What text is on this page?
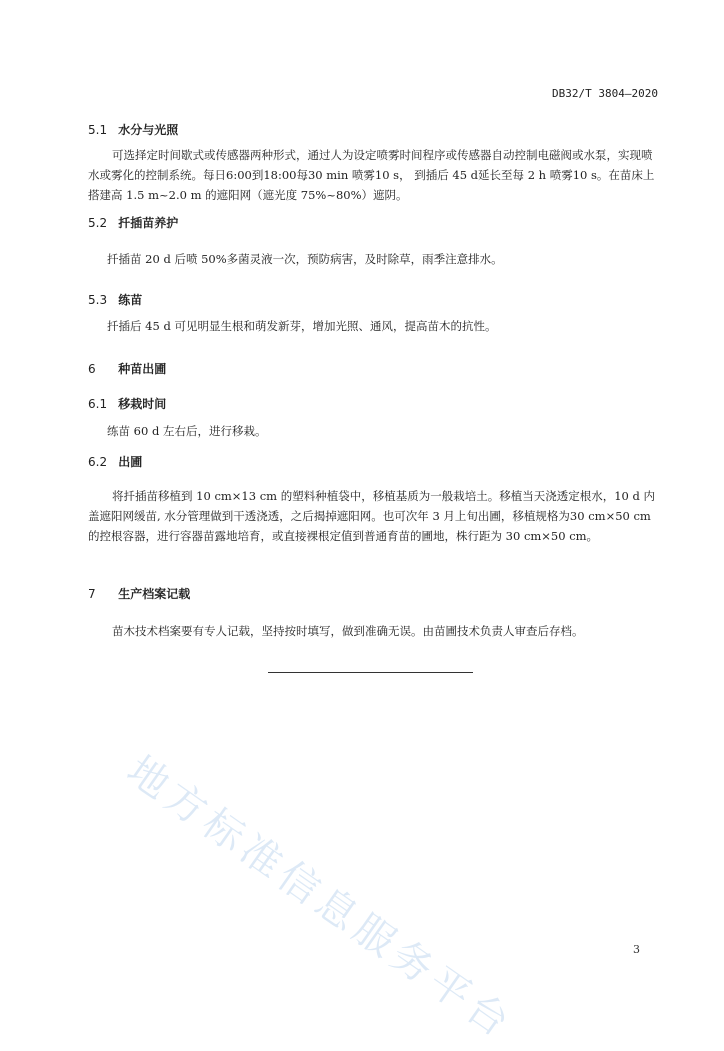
DB32/T 3804—2020
5.1 水分与光照
可选择定时间歇式或传感器两种形式，通过人为设定喷雾时间程序或传感器自动控制电磁阀或水泵，实现喷水或雾化的控制系统。每日6:00到18:00每30 min 喷雾10 s， 到插后 45 d延长至每 2 h 喷雾10 s。在苗床上搭建高 1.5 m~2.0 m 的遮阳网（遮光度 75%~80%）遮阴。
5.2 扦插苗养护
扦插苗 20 d 后喷 50%多菌灵液一次，预防病害，及时除草，雨季注意排水。
5.3 练苗
扦插后 45 d 可见明显生根和萌发新芽，增加光照、通风，提高苗木的抗性。
6 种苗出圃
6.1 移栽时间
练苗 60 d 左右后，进行移栽。
6.2 出圃
将扦插苗移植到 10 cm×13 cm 的塑料种植袋中，移植基质为一般栽培土。移植当天浇透定根水，10 d 内盖遮阳网缓苗, 水分管理做到干透浇透，之后揭掉遮阳网。也可次年 3 月上旬出圃，移植规格为30 cm×50 cm 的控根容器，进行容器苗露地培育，或直接裸根定值到普通育苗的圃地，株行距为 30 cm×50 cm。
7 生产档案记载
苗木技术档案要有专人记载，坚持按时填写，做到准确无误。由苗圃技术负责人审查后存档。
地方标准信息服务平台	3
